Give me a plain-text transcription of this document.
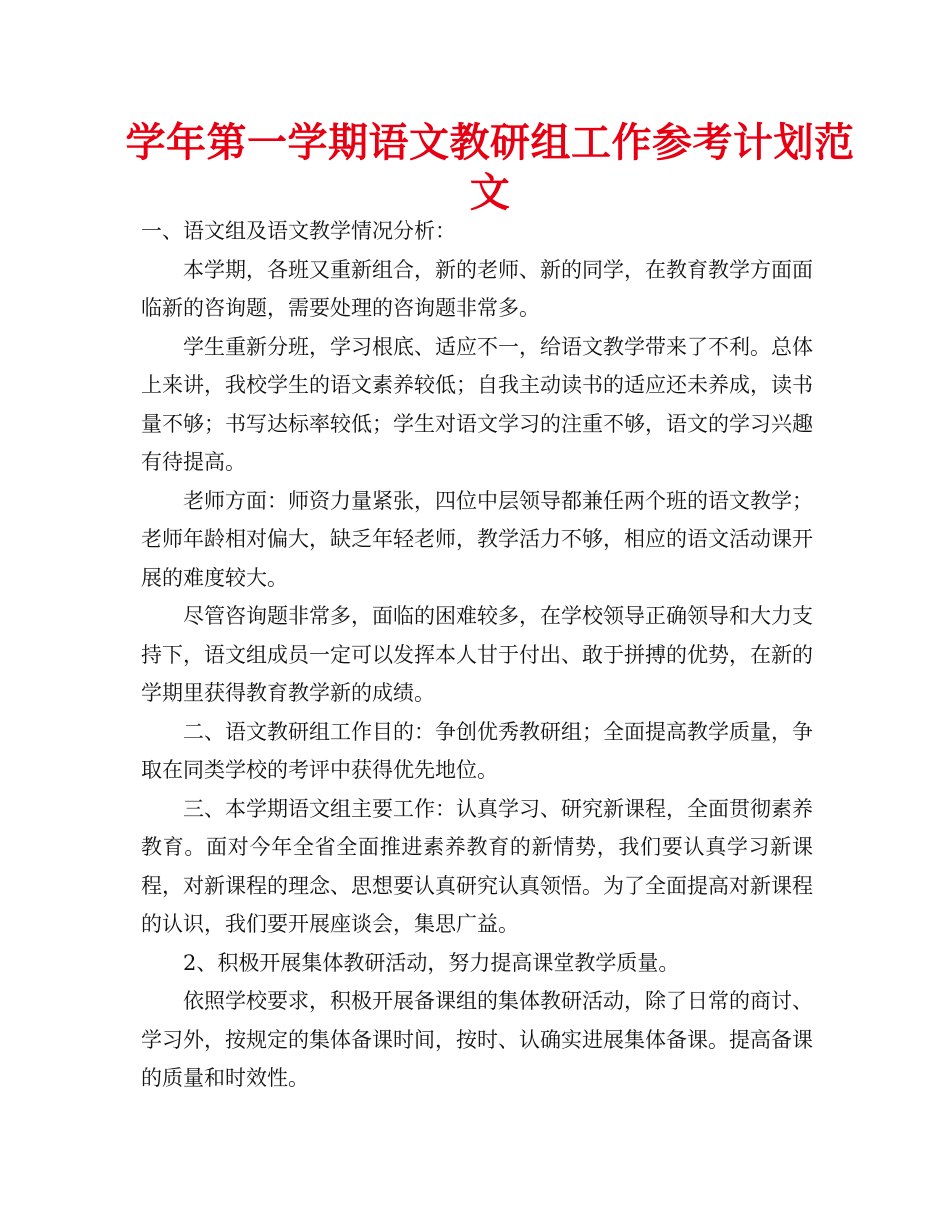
学年第一学期语文教研组工作参考计划范文

一、语文组及语文教学情况分析：

本学期，各班又重新组合，新的老师、新的同学，在教育教学方面面临新的咨询题，需要处理的咨询题非常多。

学生重新分班，学习根底、适应不一，给语文教学带来了不利。总体上来讲，我校学生的语文素养较低；自我主动读书的适应还未养成，读书量不够；书写达标率较低；学生对语文学习的注重不够，语文的学习兴趣有待提高。

老师方面：师资力量紧张，四位中层领导都兼任两个班的语文教学；老师年龄相对偏大，缺乏年轻老师，教学活力不够，相应的语文活动课开展的难度较大。

尽管咨询题非常多，面临的困难较多，在学校领导正确领导和大力支持下，语文组成员一定可以发挥本人甘于付出、敢于拼搏的优势，在新的学期里获得教育教学新的成绩。

二、语文教研组工作目的：争创优秀教研组；全面提高教学质量，争取在同类学校的考评中获得优先地位。

三、本学期语文组主要工作：认真学习、研究新课程，全面贯彻素养教育。面对今年全省全面推进素养教育的新情势，我们要认真学习新课程，对新课程的理念、思想要认真研究认真领悟。为了全面提高对新课程的认识，我们要开展座谈会，集思广益。

2、积极开展集体教研活动，努力提高课堂教学质量。

依照学校要求，积极开展备课组的集体教研活动，除了日常的商讨、学习外，按规定的集体备课时间，按时、认确实进展集体备课。提高备课的质量和时效性。
